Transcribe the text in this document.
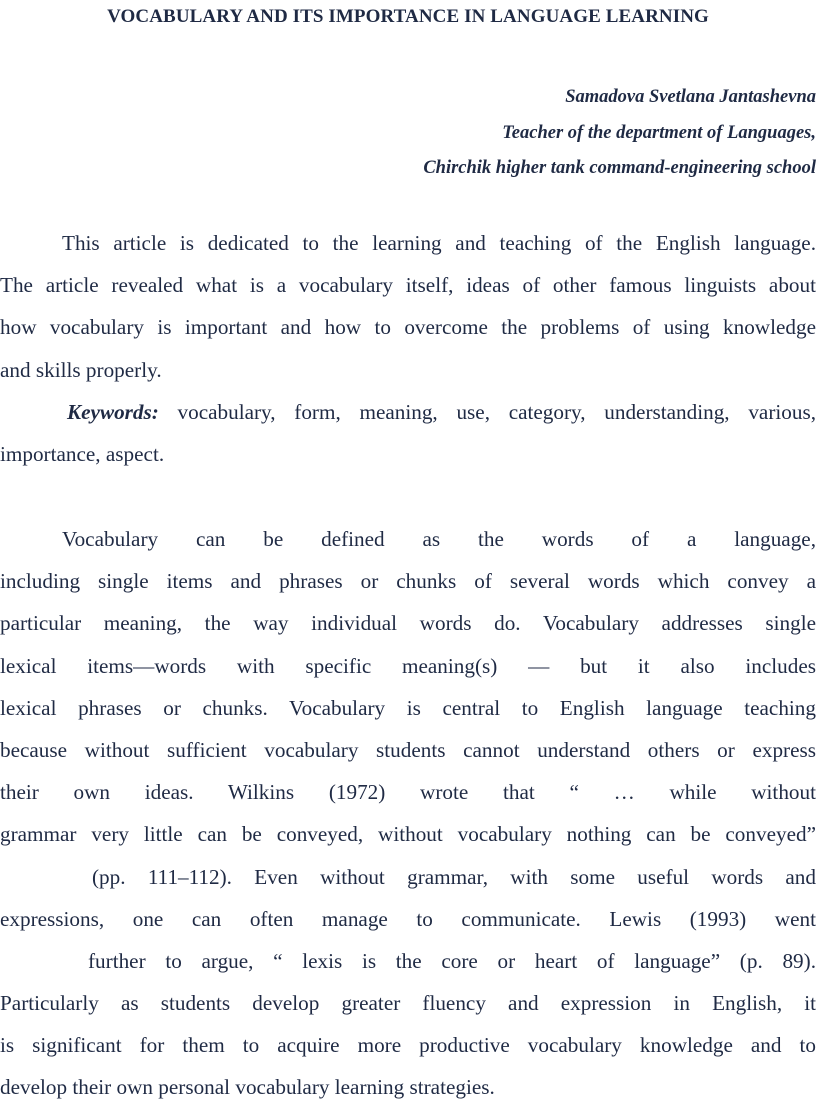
VOCABULARY AND ITS IMPORTANCE IN LANGUAGE LEARNING
Samadova Svetlana Jantashevna
Teacher of the department of Languages,
Chirchik higher tank command-engineering school
This article is dedicated to the learning and teaching of the English language.
The article revealed what is a vocabulary itself, ideas of other famous linguists about
how vocabulary is important and how to overcome the problems of using knowledge
and skills properly.
Keywords: vocabulary, form, meaning, use, category, understanding, various,
importance, aspect.
Vocabulary can be defined as the words of a language,
including single items and phrases or chunks of several words which convey a
particular meaning, the way individual words do. Vocabulary addresses single
lexical items—words with specific meaning(s) — but it also includes
lexical phrases or chunks. Vocabulary is central to English language teaching
because without sufficient vocabulary students cannot understand others or express
their own ideas. Wilkins (1972) wrote that “ … while without
grammar very little can be conveyed, without vocabulary nothing can be conveyed”
(pp. 111–112). Even without grammar, with some useful words and
expressions, one can often manage to communicate. Lewis (1993) went
further to argue, “ lexis is the core or heart of language” (p. 89).
Particularly as students develop greater fluency and expression in English, it
is significant for them to acquire more productive vocabulary knowledge and to
develop their own personal vocabulary learning strategies.
